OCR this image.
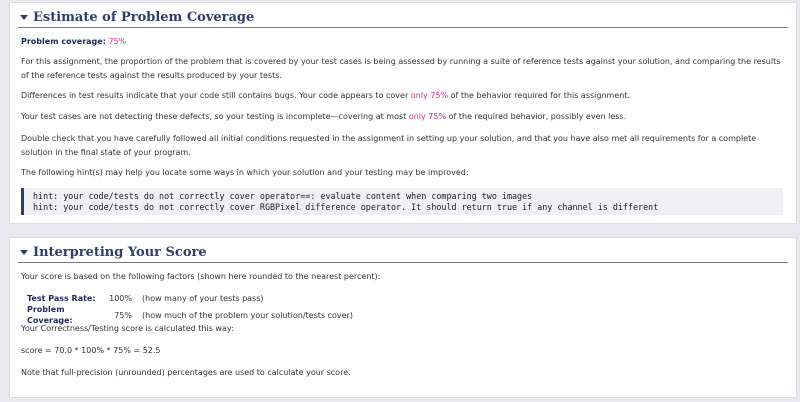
Estimate of Problem Coverage

Problem coverage: 75%

For this assignment, the proportion of the problem that is covered by your test cases is being assessed by running a suite of reference tests against your solution, and comparing the results of the reference tests against the results produced by your tests.

Differences in test results indicate that your code still contains bugs. Your code appears to cover only 75% of the behavior required for this assignment.

Your test cases are not detecting these defects, so your testing is incomplete—covering at most only 75% of the required behavior, possibly even less.

Double check that you have carefully followed all initial conditions requested in the assignment in setting up your solution, and that you have also met all requirements for a complete solution in the final state of your program.

The following hint(s) may help you locate some ways in which your solution and your testing may be improved:

hint: your code/tests do not correctly cover operator==: evaluate content when comparing two images
hint: your code/tests do not correctly cover RGBPixel difference operator. It should return true if any channel is different
Interpreting Your Score

Your score is based on the following factors (shown here rounded to the nearest percent):

Test Pass Rate:	100%	(how many of your tests pass)
Problem Coverage:	75%	(how much of the problem your solution/tests cover)

Your Correctness/Testing score is calculated this way:

score = 70.0 * 100% * 75% = 52.5

Note that full-precision (unrounded) percentages are used to calculate your score.
